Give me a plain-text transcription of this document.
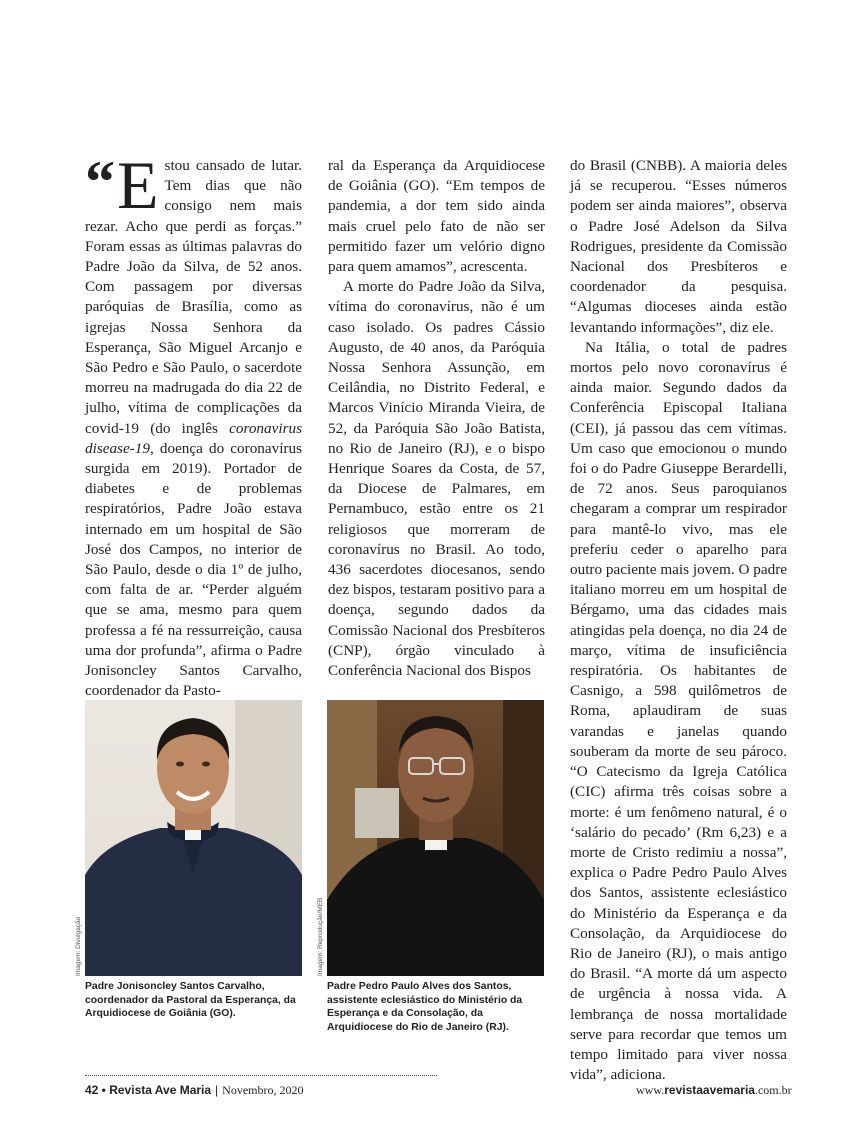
“ E stou cansado de lutar. Tem dias que não consigo nem mais rezar. Acho que perdi as forças.” Foram essas as últimas palavras do Padre João da Silva, de 52 anos. Com passagem por diversas paróquias de Brasília, como as igrejas Nossa Senhora da Esperança, São Miguel Arcanjo e São Pedro e São Paulo, o sacerdote morreu na madrugada do dia 22 de julho, vítima de complicações da covid-19 (do inglês coronavirus disease-19, doença do coronavírus surgida em 2019). Portador de diabetes e de problemas respiratórios, Padre João estava internado em um hospital de São José dos Campos, no interior de São Paulo, desde o dia 1º de julho, com falta de ar. “Perder alguém que se ama, mesmo para quem professa a fé na ressurreição, causa uma dor profunda”, afirma o Padre Jonisoncley Santos Carvalho, coordenador da Pasto-

ral da Esperança da Arquidiocese de Goiânia (GO). “Em tempos de pandemia, a dor tem sido ainda mais cruel pelo fato de não ser permitido fazer um velório digno para quem amamos”, acrescenta.

A morte do Padre João da Silva, vítima do coronavírus, não é um caso isolado. Os padres Cássio Augusto, de 40 anos, da Paróquia Nossa Senhora Assunção, em Ceilândia, no Distrito Federal, e Marcos Vinício Miranda Vieira, de 52, da Paróquia São João Batista, no Rio de Janeiro (RJ), e o bispo Henrique Soares da Costa, de 57, da Diocese de Palmares, em Pernambuco, estão entre os 21 religiosos que morreram de coronavírus no Brasil. Ao todo, 436 sacerdotes diocesanos, sendo dez bispos, testaram positivo para a doença, segundo dados da Comissão Nacional dos Presbíteros (CNP), órgão vinculado à Conferência Nacional dos Bispos

do Brasil (CNBB). A maioria deles já se recuperou. “Esses números podem ser ainda maiores”, observa o Padre José Adelson da Silva Rodrigues, presidente da Comissão Nacional dos Presbíteros e coordenador da pesquisa. “Algumas dioceses ainda estão levantando informações”, diz ele.

Na Itália, o total de padres mortos pelo novo coronavírus é ainda maior. Segundo dados da Conferência Episcopal Italiana (CEI), já passou das cem vítimas. Um caso que emocionou o mundo foi o do Padre Giuseppe Berardelli, de 72 anos. Seus paroquianos chegaram a comprar um respirador para mantê-lo vivo, mas ele preferiu ceder o aparelho para outro paciente mais jovem. O padre italiano morreu em um hospital de Bérgamo, uma das cidades mais atingidas pela doença, no dia 24 de março, vítima de insuficiência respiratória. Os habitantes de Casnigo, a 598 quilômetros de Roma, aplaudiram de suas varandas e janelas quando souberam da morte de seu pároco. “O Catecismo da Igreja Católica (CIC) afirma três coisas sobre a morte: é um fenômeno natural, é o ‘salário do pecado’ (Rm 6,23) e a morte de Cristo redimiu a nossa”, explica o Padre Pedro Paulo Alves dos Santos, assistente eclesiástico do Ministério da Esperança e da Consolação, da Arquidiocese do Rio de Janeiro (RJ), o mais antigo do Brasil. “A morte dá um aspecto de urgência à nossa vida. A lembrança de nossa mortalidade serve para recordar que temos um tempo limitado para viver nossa vida”, adiciona.

Imagem: Divulgação
Padre Jonisoncley Santos Carvalho, coordenador da Pastoral da Esperança, da Arquidiocese de Goiânia (GO).
Imagem: Reprodução/MEB
Padre Pedro Paulo Alves dos Santos, assistente eclesiástico do Ministério da Esperança e da Consolação, da Arquidiocese do Rio de Janeiro (RJ).
42 • Revista Ave Maria | Novembro, 2020	www.revistaavemaria.com.br
